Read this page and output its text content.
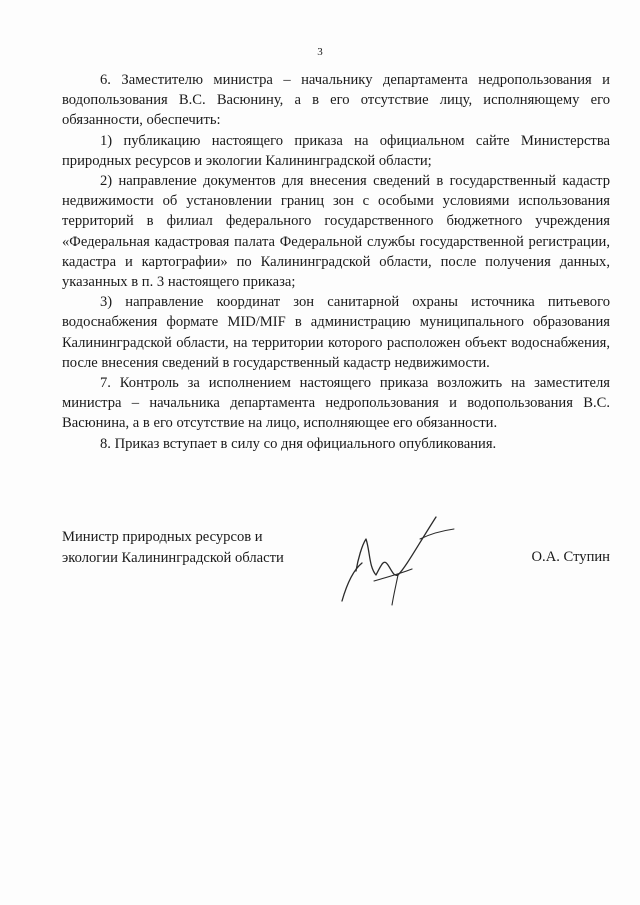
3

6. Заместителю министра – начальнику департамента недропользования и водопользования В.С. Васюнину, а в его отсутствие лицу, исполняющему его обязанности, обеспечить:

1) публикацию настоящего приказа на официальном сайте Министерства природных ресурсов и экологии Калининградской области;

2) направление документов для внесения сведений в государственный кадастр недвижимости об установлении границ зон с особыми условиями использования территорий в филиал федерального государственного бюджетного учреждения «Федеральная кадастровая палата Федеральной службы государственной регистрации, кадастра и картографии» по Калининградской области, после получения данных, указанных в п. 3 настоящего приказа;

3) направление координат зон санитарной охраны источника питьевого водоснабжения формате MID/MIF в администрацию муниципального образования Калининградской области, на территории которого расположен объект водоснабжения, после внесения сведений в государственный кадастр недвижимости.

7. Контроль за исполнением настоящего приказа возложить на заместителя министра – начальника департамента недропользования и водопользования В.С. Васюнина, а в его отсутствие на лицо, исполняющее его обязанности.

8. Приказ вступает в силу со дня официального опубликования.

Министр природных ресурсов и
экологии Калининградской области	О.А. Ступин
